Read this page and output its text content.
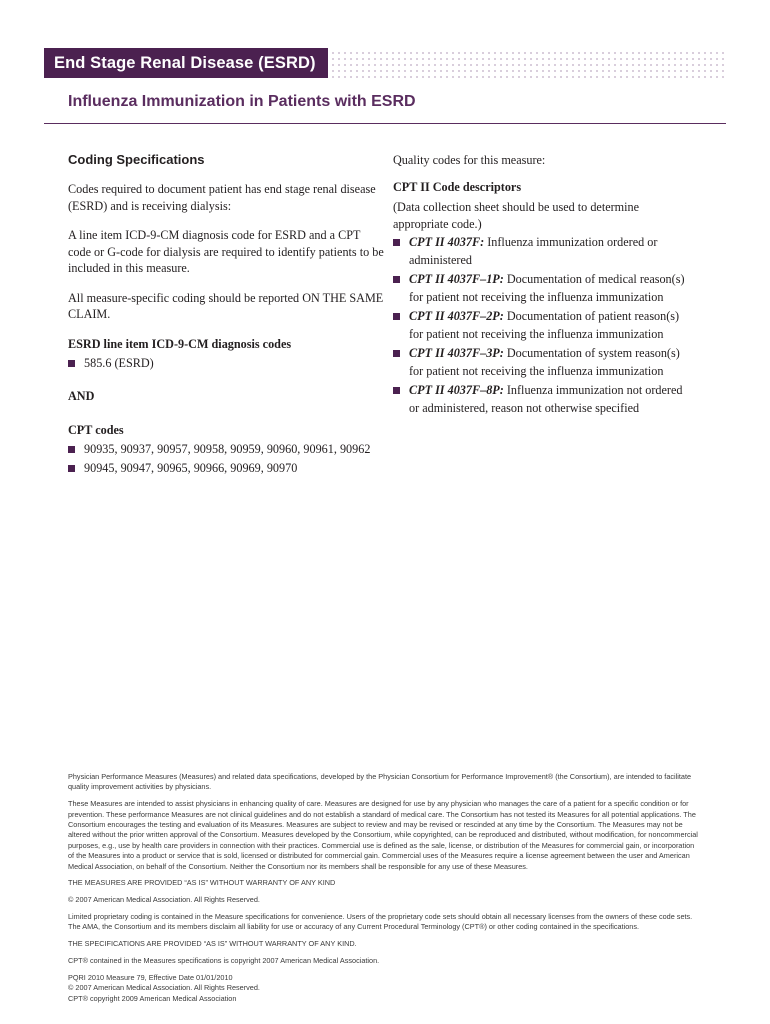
End Stage Renal Disease (ESRD)
Influenza Immunization in Patients with ESRD
Coding Specifications

Codes required to document patient has end stage renal disease (ESRD) and is receiving dialysis:

A line item ICD-9-CM diagnosis code for ESRD and a CPT code or G-code for dialysis are required to identify patients to be included in this measure.

All measure-specific coding should be reported ON THE SAME CLAIM.

ESRD line item ICD-9-CM diagnosis codes
585.6 (ESRD)
AND
CPT codes
90935, 90937, 90957, 90958, 90959, 90960, 90961, 90962
90945, 90947, 90965, 90966, 90969, 90970

Quality codes for this measure:

CPT II Code descriptors

(Data collection sheet should be used to determine appropriate code.)

CPT II 4037F: Influenza immunization ordered or administered
CPT II 4037F–1P: Documentation of medical reason(s) for patient not receiving the influenza immunization
CPT II 4037F–2P: Documentation of patient reason(s) for patient not receiving the influenza immunization
CPT II 4037F–3P: Documentation of system reason(s) for patient not receiving the influenza immunization
CPT II 4037F–8P: Influenza immunization not ordered or administered, reason not otherwise specified

Physician Performance Measures (Measures) and related data specifications, developed by the Physician Consortium for Performance Improvement® (the Consortium), are intended to facilitate quality improvement activities by physicians.

These Measures are intended to assist physicians in enhancing quality of care. Measures are designed for use by any physician who manages the care of a patient for a specific condition or for prevention. These performance Measures are not clinical guidelines and do not establish a standard of medical care. The Consortium has not tested its Measures for all potential applications. The Consortium encourages the testing and evaluation of its Measures. Measures are subject to review and may be revised or rescinded at any time by the Consortium. The Measures may not be altered without the prior written approval of the Consortium. Measures developed by the Consortium, while copyrighted, can be reproduced and distributed, without modification, for noncommercial purposes, e.g., use by health care providers in connection with their practices. Commercial use is defined as the sale, license, or distribution of the Measures for commercial gain, or incorporation of the Measures into a product or service that is sold, licensed or distributed for commercial gain. Commercial uses of the Measures require a license agreement between the user and American Medical Association, on behalf of the Consortium. Neither the Consortium nor its members shall be responsible for any use of these Measures.

THE MEASURES ARE PROVIDED “AS IS” WITHOUT WARRANTY OF ANY KIND

© 2007 American Medical Association. All Rights Reserved.

Limited proprietary coding is contained in the Measure specifications for convenience. Users of the proprietary code sets should obtain all necessary licenses from the owners of these code sets. The AMA, the Consortium and its members disclaim all liability for use or accuracy of any Current Procedural Terminology (CPT®) or other coding contained in the specifications.

THE SPECIFICATIONS ARE PROVIDED “AS IS” WITHOUT WARRANTY OF ANY KIND.

CPT® contained in the Measures specifications is copyright 2007 American Medical Association.

PQRI 2010 Measure 79, Effective Date 01/01/2010
© 2007 American Medical Association. All Rights Reserved.
CPT® copyright 2009 American Medical Association
